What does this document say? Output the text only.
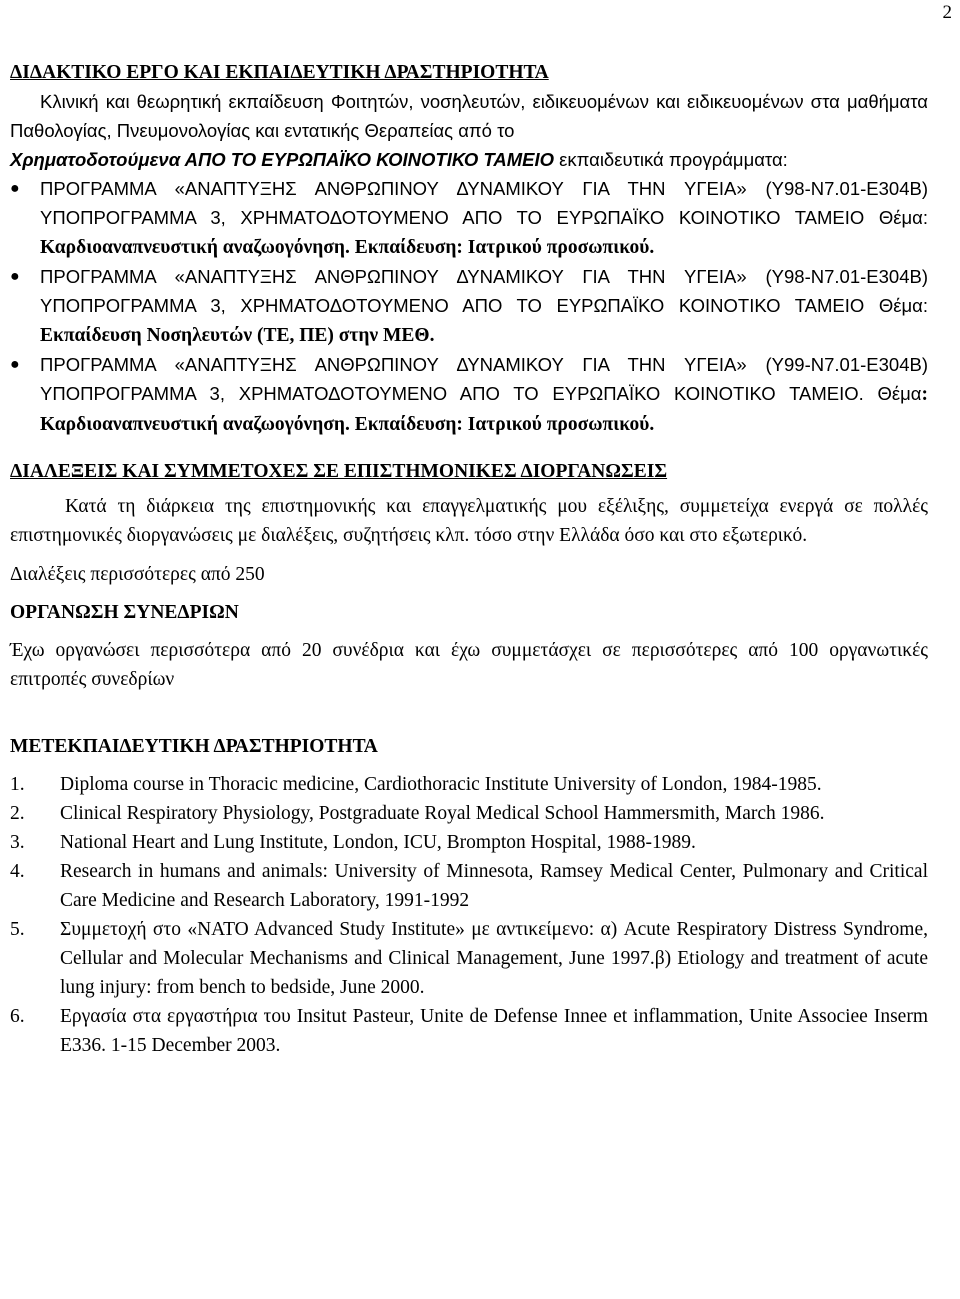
2

ΔΙΔΑΚΤΙΚΟ ΕΡΓΟ ΚΑΙ ΕΚΠΑΙΔΕΥΤΙΚΗ ΔΡΑΣΤΗΡΙΟΤΗΤΑ

Κλινική και θεωρητική εκπαίδευση Φοιτητών, νοσηλευτών, ειδικευομένων και ειδικευομένων στα μαθήματα Παθολογίας, Πνευμονολογίας και εντατικής Θεραπείας από το

Χρηματοδοτούμενα ΑΠΟ ΤΟ ΕΥΡΩΠΑΪΚΟ ΚΟΙΝΟΤΙΚΟ ΤΑΜΕΙΟ εκπαιδευτικά προγράμματα:

● ΠΡΟΓΡΑΜΜΑ «ΑΝΑΠΤΥΞΗΣ ΑΝΘΡΩΠΙΝΟΥ ΔΥΝΑΜΙΚΟΥ ΓΙΑ ΤΗΝ ΥΓΕΙΑ» (Υ98-Ν7.01-Ε304Β) ΥΠΟΠΡΟΓΡΑΜΜΑ 3, ΧΡΗΜΑΤΟΔΟΤΟΥΜΕΝΟ ΑΠΟ ΤΟ ΕΥΡΩΠΑΪΚΟ ΚΟΙΝΟΤΙΚΟ ΤΑΜΕΙΟ Θέμα: Καρδιοαναπνευστική αναζωογόνηση. Εκπαίδευση: Ιατρικού προσωπικού.
● ΠΡΟΓΡΑΜΜΑ «ΑΝΑΠΤΥΞΗΣ ΑΝΘΡΩΠΙΝΟΥ ΔΥΝΑΜΙΚΟΥ ΓΙΑ ΤΗΝ ΥΓΕΙΑ» (Υ98-Ν7.01-Ε304Β) ΥΠΟΠΡΟΓΡΑΜΜΑ 3, ΧΡΗΜΑΤΟΔΟΤΟΥΜΕΝΟ ΑΠΟ ΤΟ ΕΥΡΩΠΑΪΚΟ ΚΟΙΝΟΤΙΚΟ ΤΑΜΕΙΟ Θέμα: Εκπαίδευση Νοσηλευτών (ΤΕ, ΠΕ) στην ΜΕΘ.
● ΠΡΟΓΡΑΜΜΑ «ΑΝΑΠΤΥΞΗΣ ΑΝΘΡΩΠΙΝΟΥ ΔΥΝΑΜΙΚΟΥ ΓΙΑ ΤΗΝ ΥΓΕΙΑ» (Υ99-Ν7.01-Ε304Β) ΥΠΟΠΡΟΓΡΑΜΜΑ 3, ΧΡΗΜΑΤΟΔΟΤΟΥΜΕΝΟ ΑΠΟ ΤΟ ΕΥΡΩΠΑΪΚΟ ΚΟΙΝΟΤΙΚΟ ΤΑΜΕΙΟ. Θέμα: Καρδιοαναπνευστική αναζωογόνηση. Εκπαίδευση: Ιατρικού προσωπικού.

ΔΙΑΛΕΞΕΙΣ ΚΑΙ ΣΥΜΜΕΤΟΧΕΣ ΣΕ ΕΠΙΣΤΗΜΟΝΙΚΕΣ ΔΙΟΡΓΑΝΩΣΕΙΣ

Κατά τη διάρκεια της επιστημονικής και επαγγελματικής μου εξέλιξης, συμμετείχα ενεργά σε πολλές επιστημονικές διοργανώσεις με διαλέξεις, συζητήσεις κλπ. τόσο στην Ελλάδα όσο και στο εξωτερικό.

Διαλέξεις περισσότερες από 250

ΟΡΓΑΝΩΣΗ ΣΥΝΕΔΡΙΩΝ

Έχω οργανώσει περισσότερα από 20 συνέδρια και έχω συμμετάσχει σε περισσότερες από 100 οργανωτικές επιτροπές συνεδρίων

ΜΕΤΕΚΠΑΙΔΕΥΤΙΚΗ ΔΡΑΣΤΗΡΙΟΤΗΤΑ

1. Diploma course in Thoracic medicine, Cardiothoracic Institute University of London, 1984-1985.
2. Clinical Respiratory Physiology, Postgraduate Royal Medical School Hammersmith, March 1986.
3. National Heart and Lung Institute, London, ICU, Brompton Hospital, 1988-1989.
4. Research in humans and animals: University of Minnesota, Ramsey Medical Center, Pulmonary and Critical Care Medicine and Research Laboratory, 1991-1992
5. Συμμετοχή στο «NATO Advanced Study Institute» με αντικείμενο: α) Acute Respiratory Distress Syndrome, Cellular and Molecular Mechanisms and Clinical Management, June 1997.β) Etiology and treatment of acute lung injury: from bench to bedside, June 2000.
6. Εργασία στα εργαστήρια του Insitut Pasteur, Unite de Defense Innee et inflammation, Unite Associee Inserm E336. 1-15 December 2003.
